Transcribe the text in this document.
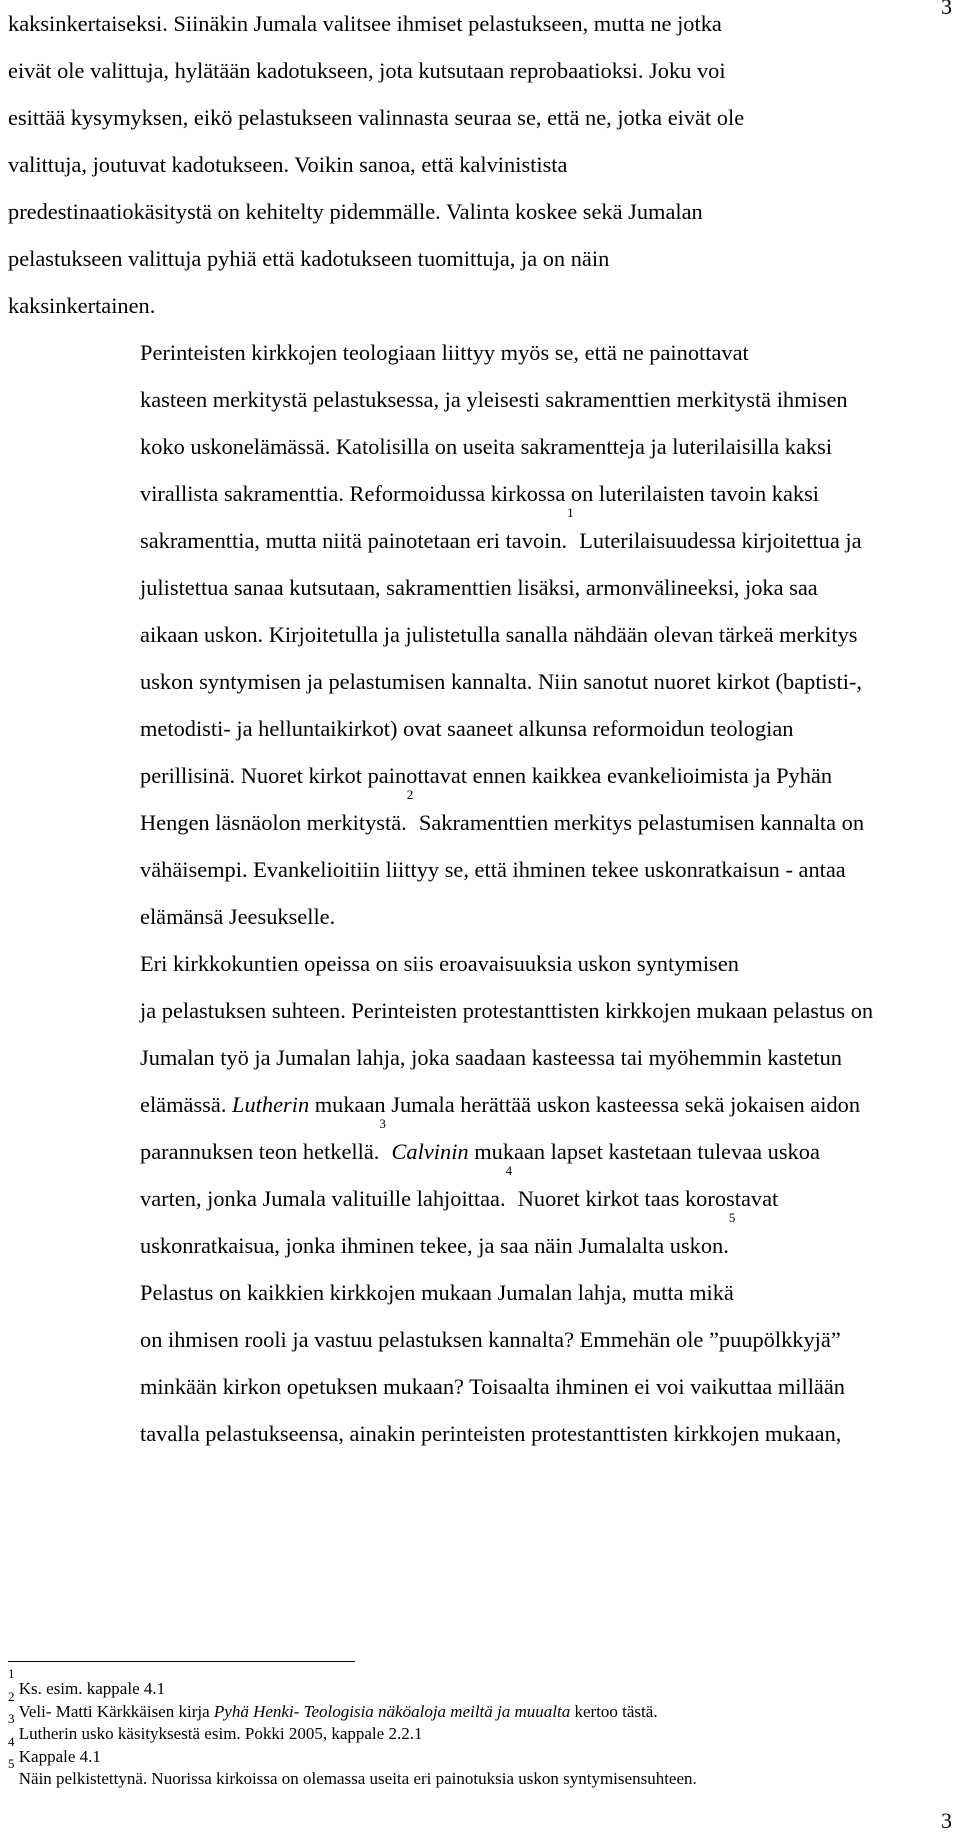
3
kaksinkertaiseksi. Siinäkin Jumala valitsee ihmiset pelastukseen, mutta ne jotka
eivät ole valittuja, hylätään kadotukseen, jota kutsutaan reprobaatioksi. Joku voi
esittää kysymyksen, eikö pelastukseen valinnasta seuraa se, että ne, jotka eivät ole
valittuja, joutuvat kadotukseen. Voikin sanoa, että kalvinistista
predestinaatiokäsitystä on kehitelty pidemmälle. Valinta koskee sekä Jumalan
pelastukseen valittuja pyhiä että kadotukseen tuomittuja, ja on näin
kaksinkertainen.
Perinteisten kirkkojen teologiaan liittyy myös se, että ne painottavat
kasteen merkitystä pelastuksessa, ja yleisesti sakramenttien merkitystä ihmisen
koko uskonelämässä. Katolisilla on useita sakramentteja ja luterilaisilla kaksi
virallista sakramenttia. Reformoidussa kirkossa on luterilaisten tavoin kaksi
sakramenttia, mutta niitä painotetaan eri tavoin.$^1$ Luterilaisuudessa kirjoitettua ja
julistettua sanaa kutsutaan, sakramenttien lisäksi, armonvälineeksi, joka saa
aikaan uskon. Kirjoitetulla ja julistetulla sanalla nähdään olevan tärkeä merkitys
uskon syntymisen ja pelastumisen kannalta. Niin sanotut nuoret kirkot (baptisti-,
metodisti- ja helluntaikirkot) ovat saaneet alkunsa reformoidun teologian
perillisinä. Nuoret kirkot painottavat ennen kaikkea evankelioimista ja Pyhän
Hengen läsnäolon merkitystä.$^2$ Sakramenttien merkitys pelastumisen kannalta on
vähäisempi. Evankelioitiin liittyy se, että ihminen tekee uskonratkaisun - antaa
elämänsä Jeesukselle.
Eri kirkkokuntien opeissa on siis eroavaisuuksia uskon syntymisen
ja pelastuksen suhteen. Perinteisten protestanttisten kirkkojen mukaan pelastus on
Jumalan työ ja Jumalan lahja, joka saadaan kasteessa tai myöhemmin kastetun
elämässä. Lutherin mukaan Jumala herättää uskon kasteessa sekä jokaisen aidon
parannuksen teon hetkellä.$^3$ Calvinin mukaan lapset kastetaan tulevaa uskoa
varten, jonka Jumala valituille lahjoittaa.$^4$ Nuoret kirkot taas korostavat
uskonratkaisua, jonka ihminen tekee, ja saa näin Jumalalta uskon.$^5$
Pelastus on kaikkien kirkkojen mukaan Jumalan lahja, mutta mikä
on ihmisen rooli ja vastuu pelastuksen kannalta? Emmehän ole ”puupölkkyjä”
minkään kirkon opetuksen mukaan? Toisaalta ihminen ei voi vaikuttaa millään
tavalla pelastukseensa, ainakin perinteisten protestanttisten kirkkojen mukaan,
$^1$ Ks. esim. kappale 4.1
$^2$ Veli- Matti Kärkkäisen kirja Pyhä Henki- Teologisia näköaloja meiltä ja muualta kertoo tästä.
$^3$ Lutherin usko käsityksestä esim. Pokki 2005, kappale 2.2.1
$^4$ Kappale 4.1
$^5$ Näin pelkistettynä. Nuorissa kirkoissa on olemassa useita eri painotuksia uskon syntymisensuhteen.
3
